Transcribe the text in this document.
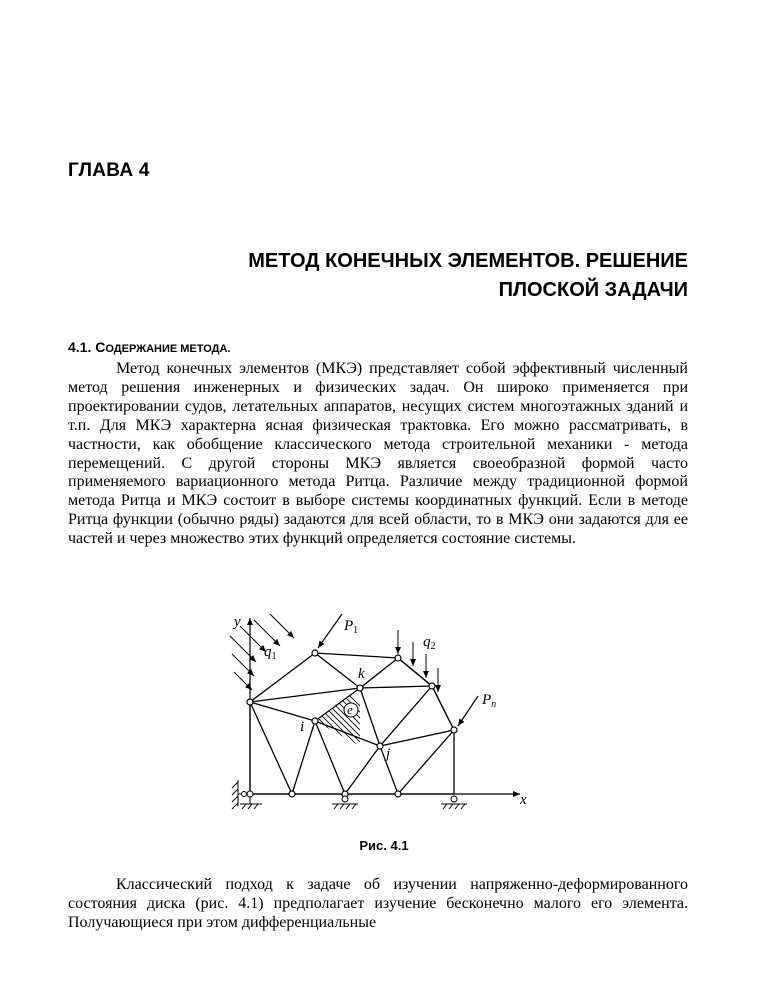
ГЛАВА 4
МЕТОД КОНЕЧНЫХ ЭЛЕМЕНТОВ. РЕШЕНИЕ
ПЛОСКОЙ ЗАДАЧИ
4.1. СОДЕРЖАНИЕ МЕТОДА.
Метод конечных элементов (МКЭ) представляет собой эффективный численный метод решения инженерных и физических задач. Он широко применяется при проектировании судов, летательных аппаратов, несущих систем многоэтажных зданий и т.п. Для МКЭ характерна ясная физическая трактовка. Его можно рассматривать, в частности, как обобщение классического метода строительной механики - метода перемещений. С другой стороны МКЭ является своеобразной формой часто применяемого вариационного метода Ритца. Различие между традиционной формой метода Ритца и МКЭ состоит в выборе системы координатных функций. Если в методе Ритца функции (обычно ряды) задаются для всей области, то в МКЭ они задаются для ее частей и через множество этих функций определяется состояние системы.
y
x
$q_1$
$P_1$
$q_2$
$P_n$
k
i
j
e
Рис. 4.1
Классический подход к задаче об изучении напряженно-деформированного состояния диска (рис. 4.1) предполагает изучение бесконечно малого его элемента. Получающиеся при этом дифференциальные
